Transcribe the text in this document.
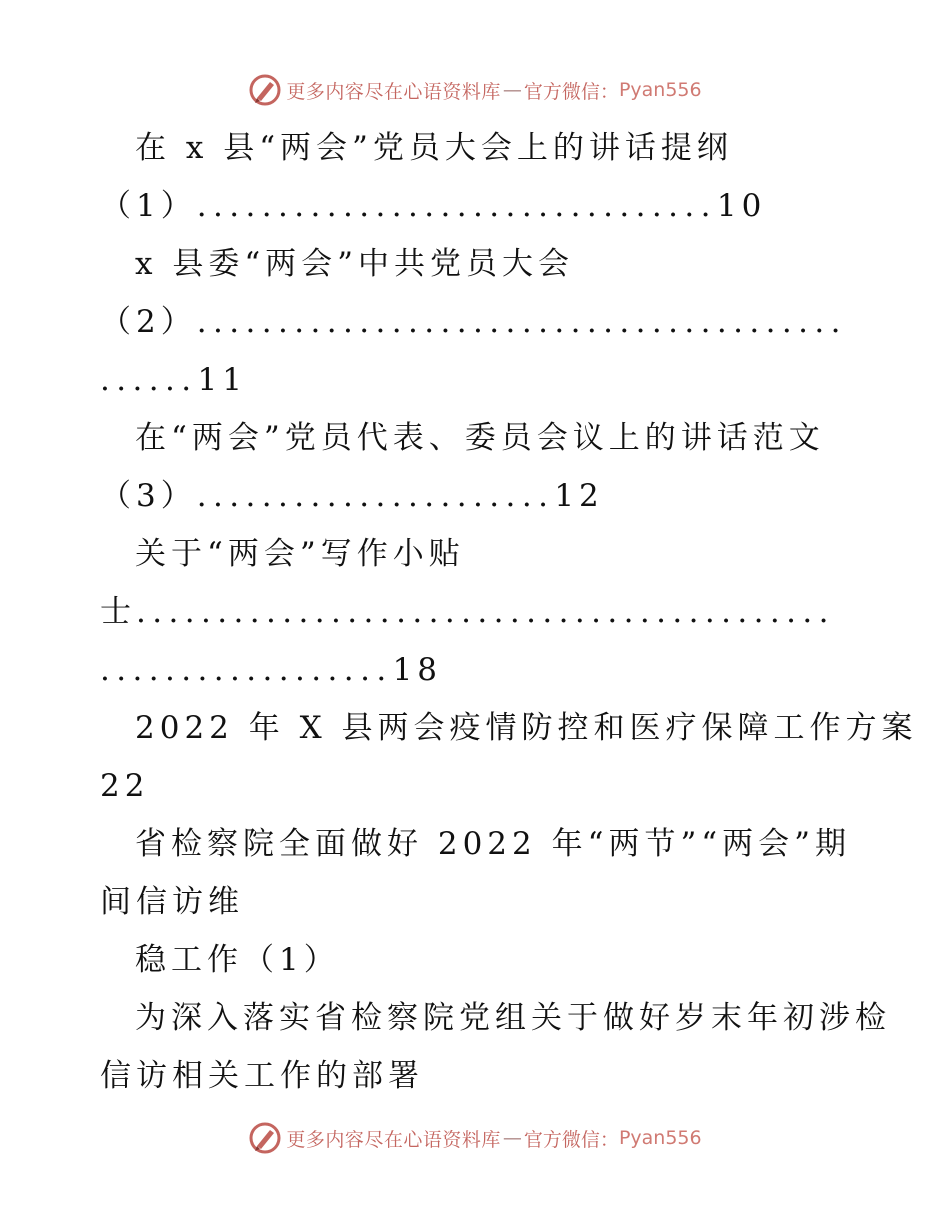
更多内容尽在心语资料库 — 官方微信： Pyan556
在 x 县“两会”党员大会上的讲话提纲
（1）................................10
x 县委“两会”中共党员大会
（2）........................................
......11
在“两会”党员代表、委员会议上的讲话范文
（3）......................12
关于“两会”写作小贴
士...........................................
..................18
2022 年 X 县两会疫情防控和医疗保障工作方案
22
省检察院全面做好 2022 年“两节”“两会”期
间信访维
稳工作（1）
为深入落实省检察院党组关于做好岁末年初涉检
信访相关工作的部署
更多内容尽在心语资料库 — 官方微信： Pyan556
